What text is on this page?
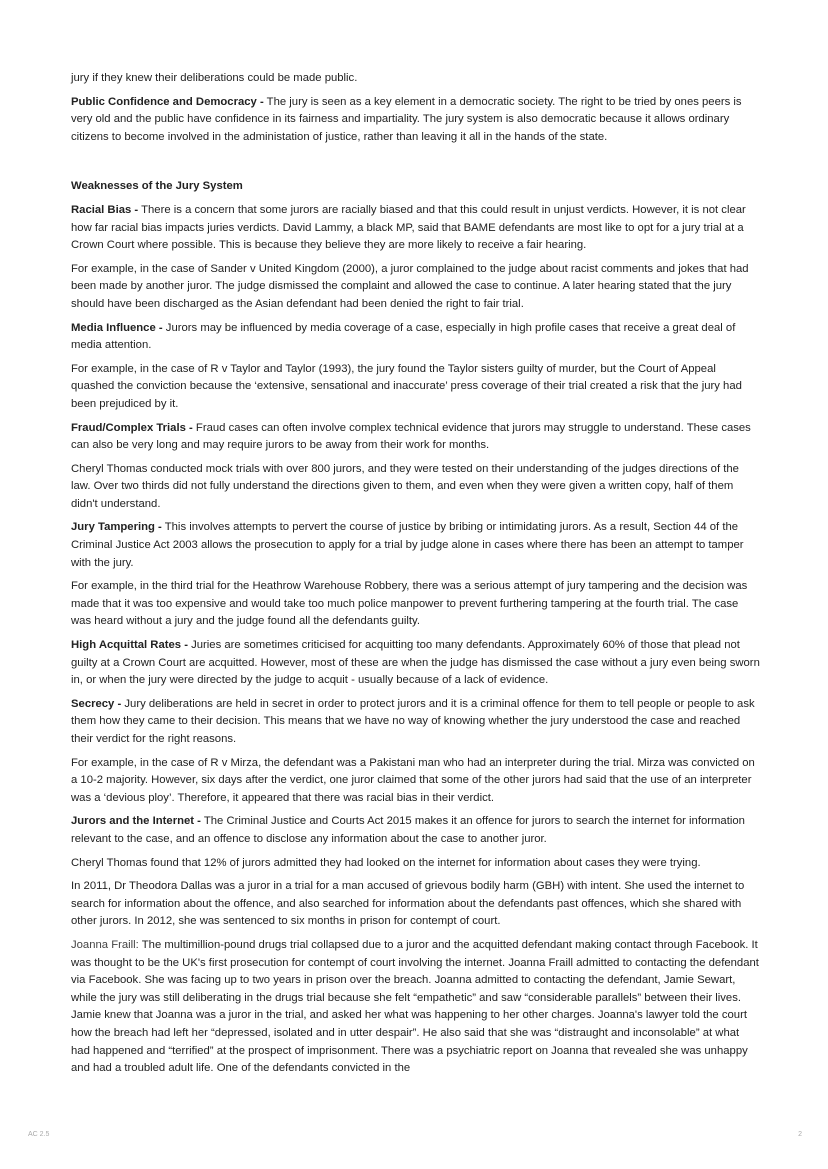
jury if they knew their deliberations could be made public.

Public Confidence and Democracy - The jury is seen as a key element in a democratic society. The right to be tried by ones peers is very old and the public have confidence in its fairness and impartiality. The jury system is also democratic because it allows ordinary citizens to become involved in the administation of justice, rather than leaving it all in the hands of the state.

Weaknesses of the Jury System

Racial Bias - There is a concern that some jurors are racially biased and that this could result in unjust verdicts. However, it is not clear how far racial bias impacts juries verdicts. David Lammy, a black MP, said that BAME defendants are most like to opt for a jury trial at a Crown Court where possible. This is because they believe they are more likely to receive a fair hearing.

For example, in the case of Sander v United Kingdom (2000), a juror complained to the judge about racist comments and jokes that had been made by another juror. The judge dismissed the complaint and allowed the case to continue. A later hearing stated that the jury should have been discharged as the Asian defendant had been denied the right to fair trial.

Media Influence - Jurors may be influenced by media coverage of a case, especially in high profile cases that receive a great deal of media attention.

For example, in the case of R v Taylor and Taylor (1993), the jury found the Taylor sisters guilty of murder, but the Court of Appeal quashed the conviction because the ‘extensive, sensational and inaccurate’ press coverage of their trial created a risk that the jury had been prejudiced by it.

Fraud/Complex Trials - Fraud cases can often involve complex technical evidence that jurors may struggle to understand. These cases can also be very long and may require jurors to be away from their work for months.

Cheryl Thomas conducted mock trials with over 800 jurors, and they were tested on their understanding of the judges directions of the law. Over two thirds did not fully understand the directions given to them, and even when they were given a written copy, half of them didn't understand.

Jury Tampering - This involves attempts to pervert the course of justice by bribing or intimidating jurors. As a result, Section 44 of the Criminal Justice Act 2003 allows the prosecution to apply for a trial by judge alone in cases where there has been an attempt to tamper with the jury.

For example, in the third trial for the Heathrow Warehouse Robbery, there was a serious attempt of jury tampering and the decision was made that it was too expensive and would take too much police manpower to prevent furthering tampering at the fourth trial. The case was heard without a jury and the judge found all the defendants guilty.

High Acquittal Rates - Juries are sometimes criticised for acquitting too many defendants. Approximately 60% of those that plead not guilty at a Crown Court are acquitted. However, most of these are when the judge has dismissed the case without a jury even being sworn in, or when the jury were directed by the judge to acquit - usually because of a lack of evidence.

Secrecy - Jury deliberations are held in secret in order to protect jurors and it is a criminal offence for them to tell people or people to ask them how they came to their decision. This means that we have no way of knowing whether the jury understood the case and reached their verdict for the right reasons.

For example, in the case of R v Mirza, the defendant was a Pakistani man who had an interpreter during the trial. Mirza was convicted on a 10-2 majority. However, six days after the verdict, one juror claimed that some of the other jurors had said that the use of an interpreter was a ‘devious ploy’. Therefore, it appeared that there was racial bias in their verdict.

Jurors and the Internet - The Criminal Justice and Courts Act 2015 makes it an offence for jurors to search the internet for information relevant to the case, and an offence to disclose any information about the case to another juror.

Cheryl Thomas found that 12% of jurors admitted they had looked on the internet for information about cases they were trying.

In 2011, Dr Theodora Dallas was a juror in a trial for a man accused of grievous bodily harm (GBH) with intent. She used the internet to search for information about the offence, and also searched for information about the defendants past offences, which she shared with other jurors. In 2012, she was sentenced to six months in prison for contempt of court.

Joanna Fraill: The multimillion-pound drugs trial collapsed due to a juror and the acquitted defendant making contact through Facebook. It was thought to be the UK's first prosecution for contempt of court involving the internet. Joanna Fraill admitted to contacting the defendant via Facebook. She was facing up to two years in prison over the breach. Joanna admitted to contacting the defendant, Jamie Sewart, while the jury was still deliberating in the drugs trial because she felt “empathetic” and saw “considerable parallels” between their lives. Jamie knew that Joanna was a juror in the trial, and asked her what was happening to her other charges. Joanna's lawyer told the court how the breach had left her “depressed, isolated and in utter despair”. He also said that she was “distraught and inconsolable” at what had happened and “terrified” at the prospect of imprisonment. There was a psychiatric report on Joanna that revealed she was unhappy and had a troubled adult life. One of the defendants convicted in the

AC 2.5	2
